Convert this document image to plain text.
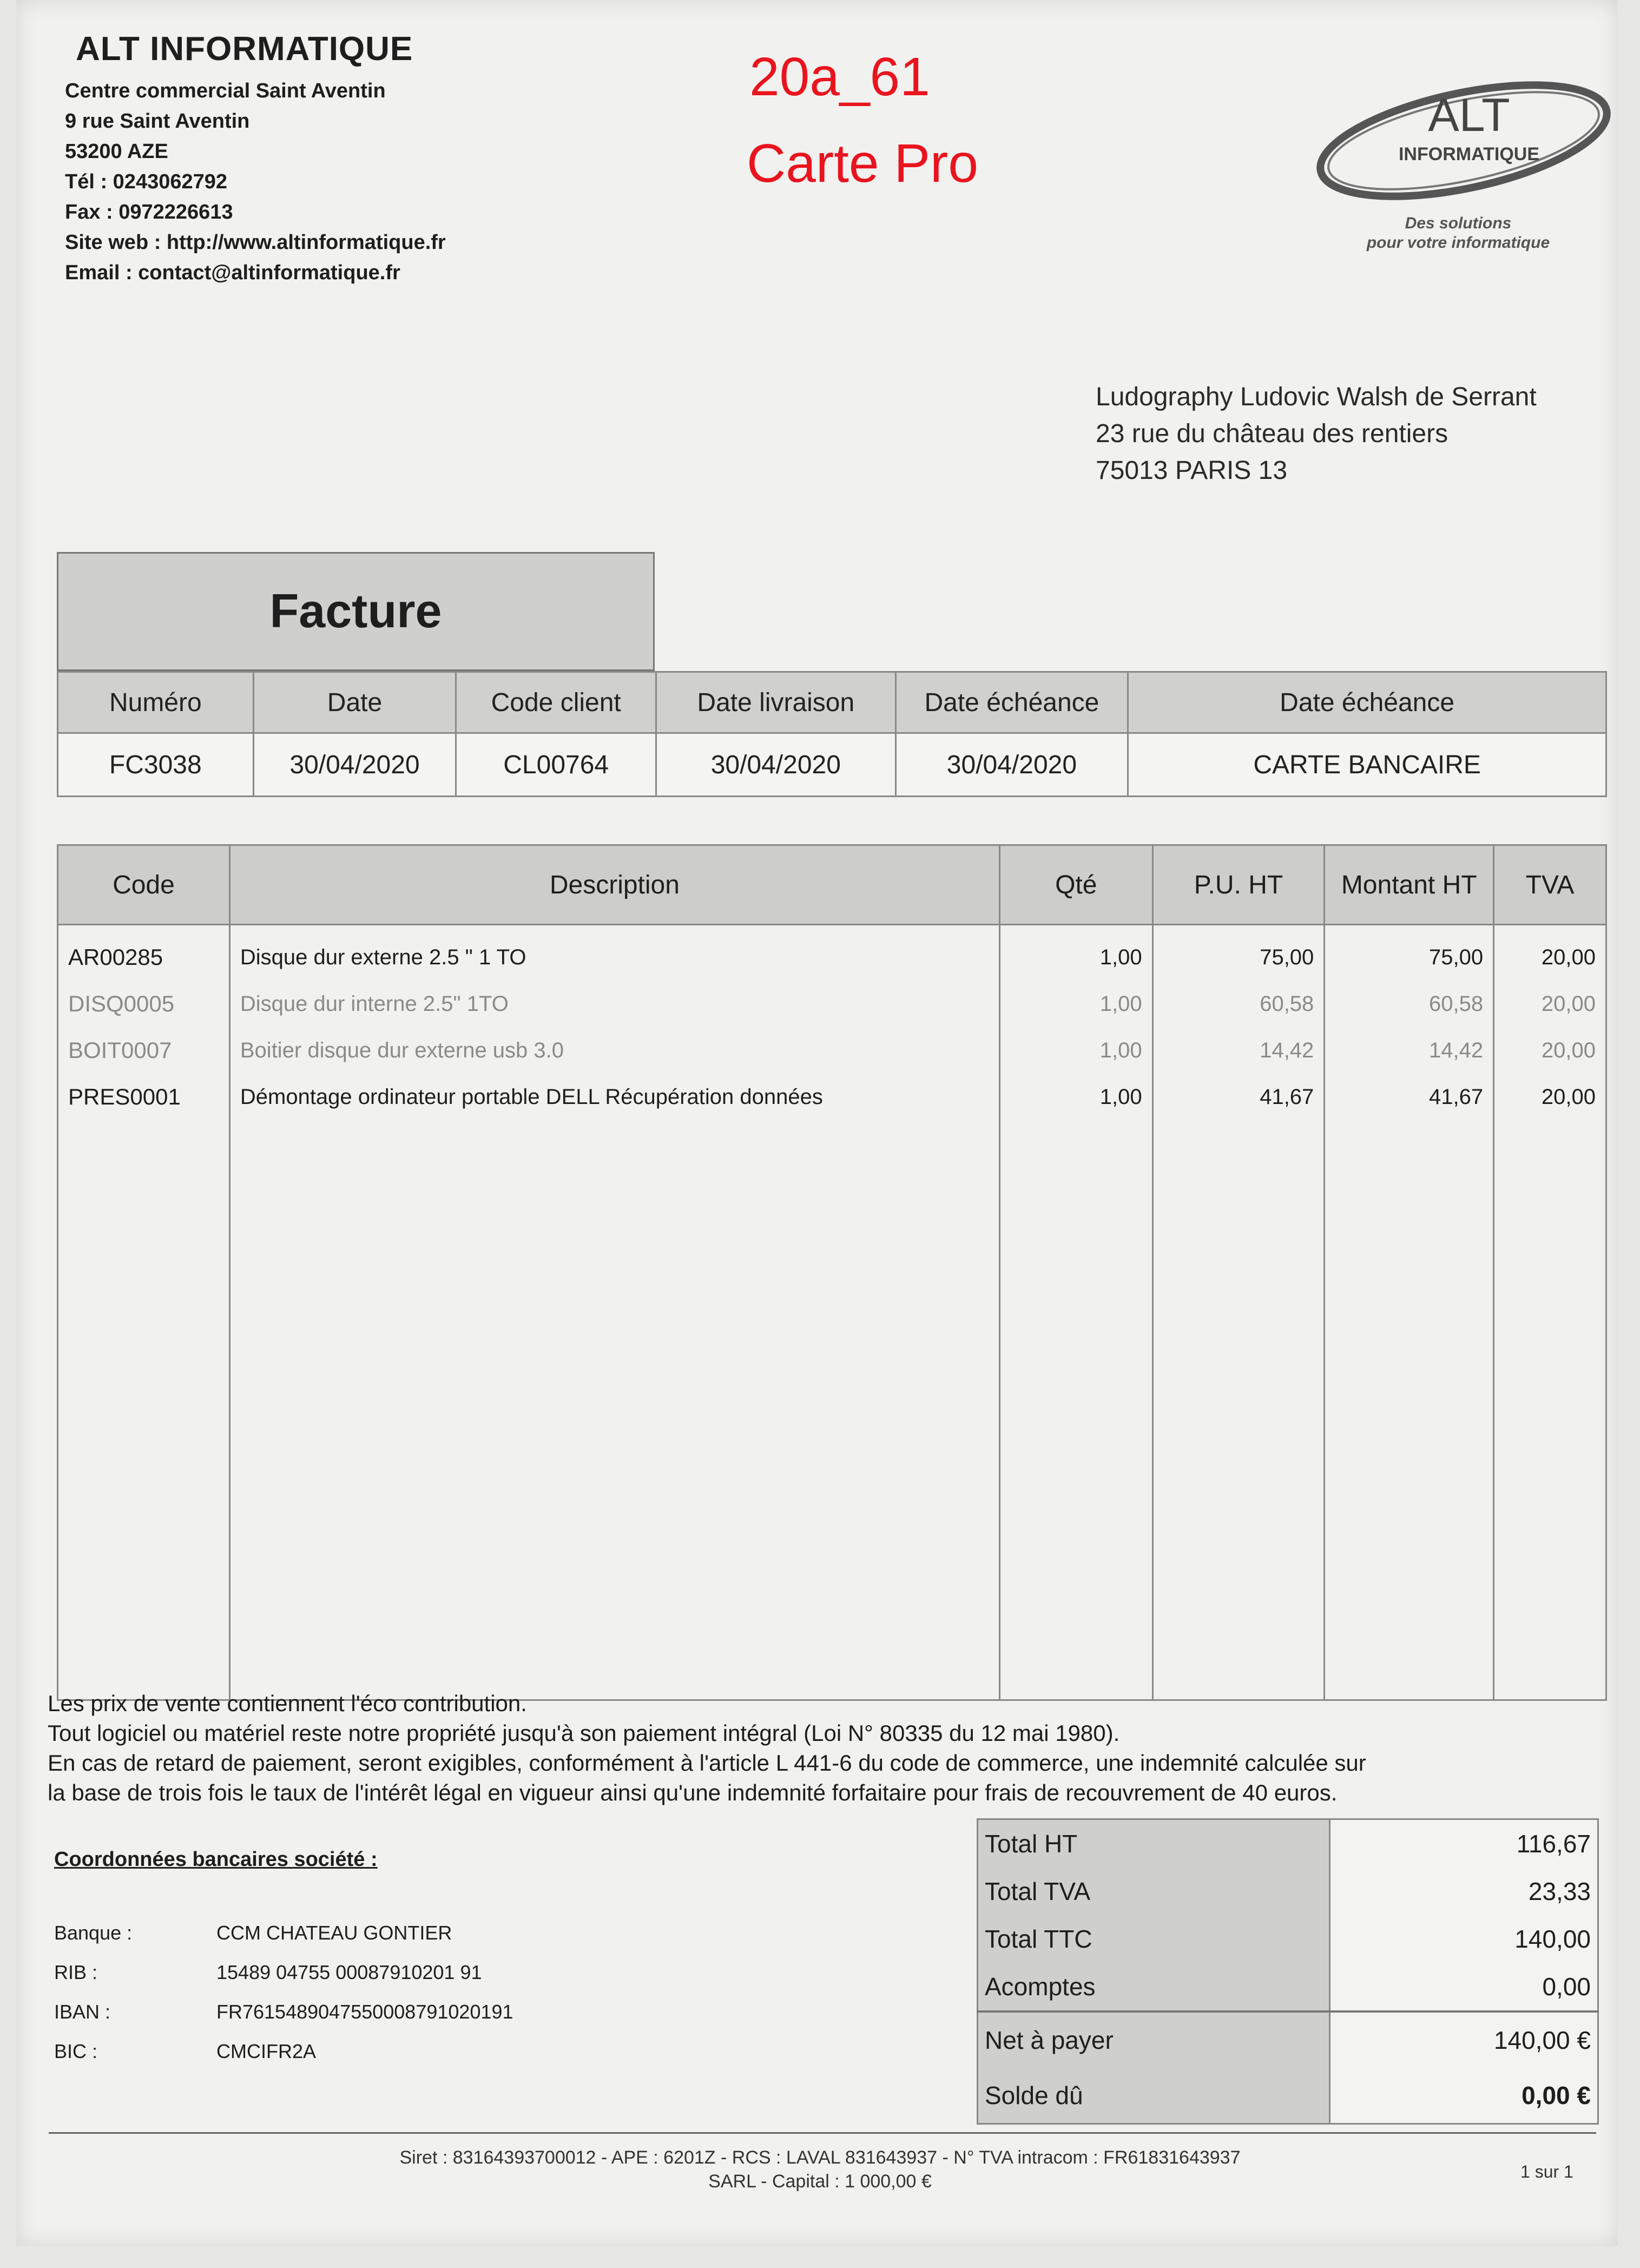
ALT INFORMATIQUE
Centre commercial Saint Aventin
9 rue Saint Aventin
53200 AZE
Tél : 0243062792
Fax : 0972226613
Site web : http://www.altinformatique.fr
Email : contact@altinformatique.fr
20a_61
Carte Pro
ALT
INFORMATIQUE
Des solutions
pour votre informatique
Ludography Ludovic Walsh de Serrant
23 rue du château des rentiers
75013 PARIS 13
Facture
Numéro	Date	Code client	Date livraison	Date échéance	Date échéance
FC3038	30/04/2020	CL00764	30/04/2020	30/04/2020	CARTE BANCAIRE
Code	Description	Qté	P.U. HT	Montant HT	TVA
AR00285	Disque dur externe 2.5 " 1 TO	1,00	75,00	75,00	20,00
DISQ0005	Disque dur interne 2.5" 1TO	1,00	60,58	60,58	20,00
BOIT0007	Boitier disque dur externe usb 3.0	1,00	14,42	14,42	20,00
PRES0001	Démontage ordinateur portable DELL Récupération données	1,00	41,67	41,67	20,00

Les prix de vente contiennent l'éco contribution.
Tout logiciel ou matériel reste notre propriété jusqu'à son paiement intégral (Loi N° 80335 du 12 mai 1980).
En cas de retard de paiement, seront exigibles, conformément à l'article L 441-6 du code de commerce, une indemnité calculée sur
la base de trois fois le taux de l'intérêt légal en vigueur ainsi qu'une indemnité forfaitaire pour frais de recouvrement de 40 euros.
Coordonnées bancaires société :
Banque :	CCM CHATEAU GONTIER
RIB :	15489 04755 00087910201 91
IBAN :	FR7615489047550008791020191
BIC :	CMCIFR2A
Total HT	116,67
Total TVA	23,33
Total TTC	140,00
Acomptes	0,00
Net à payer	140,00 €
Solde dû	0,00 €
Siret : 83164393700012 - APE : 6201Z - RCS : LAVAL 831643937 - N° TVA intracom : FR61831643937
SARL - Capital : 1 000,00 €	1 sur 1
